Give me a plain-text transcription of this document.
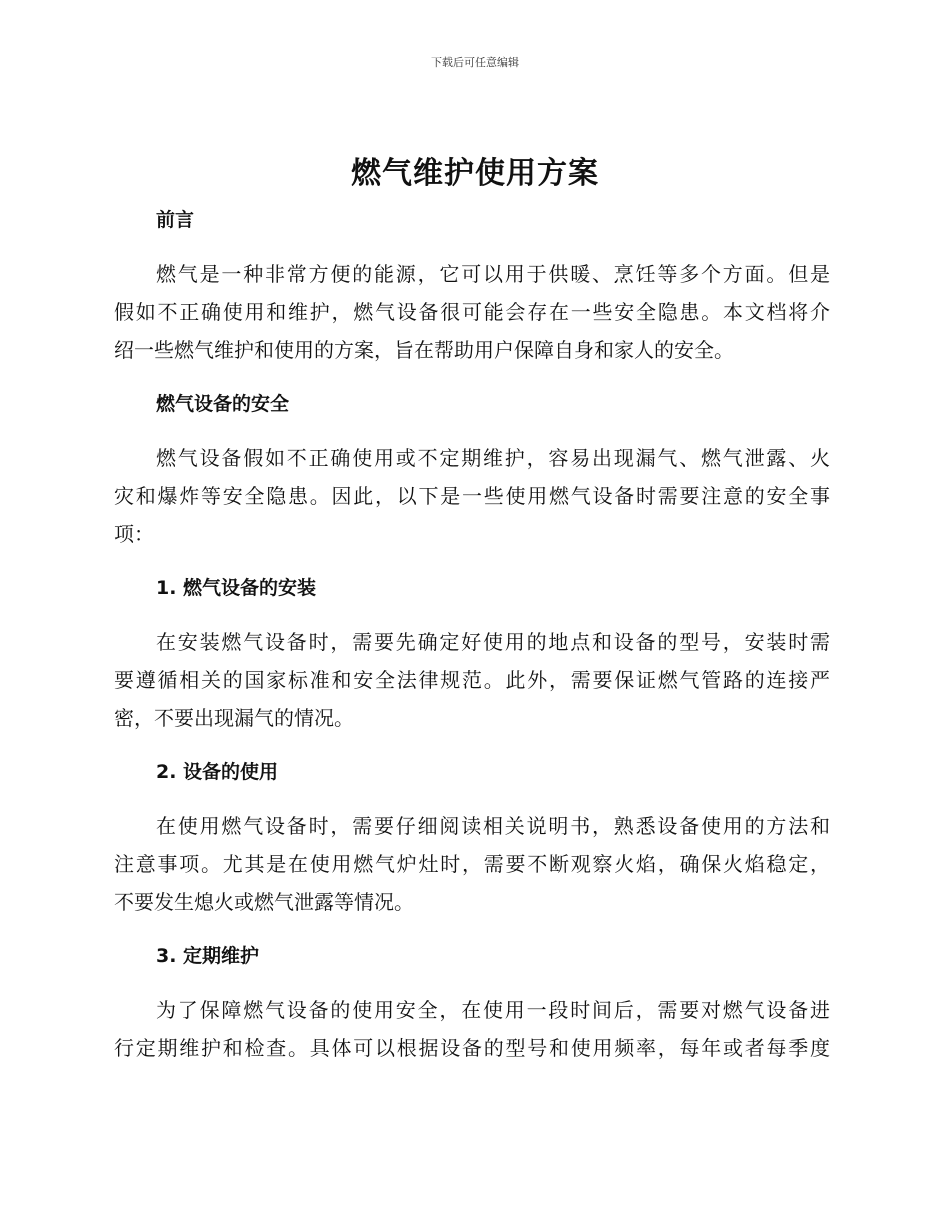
下载后可任意编辑
燃气维护使用方案
前言

燃气是一种非常方便的能源，它可以用于供暖、烹饪等多个方面。但是
假如不正确使用和维护，燃气设备很可能会存在一些安全隐患。本文档将介
绍一些燃气维护和使用的方案，旨在帮助用户保障自身和家人的安全。

燃气设备的安全

燃气设备假如不正确使用或不定期维护，容易出现漏气、燃气泄露、火
灾和爆炸等安全隐患。因此，以下是一些使用燃气设备时需要注意的安全事
项：

1. 燃气设备的安装

在安装燃气设备时，需要先确定好使用的地点和设备的型号，安装时需
要遵循相关的国家标准和安全法律规范。此外，需要保证燃气管路的连接严
密，不要出现漏气的情况。

2. 设备的使用

在使用燃气设备时，需要仔细阅读相关说明书，熟悉设备使用的方法和
注意事项。尤其是在使用燃气炉灶时，需要不断观察火焰，确保火焰稳定，
不要发生熄火或燃气泄露等情况。

3. 定期维护

为了保障燃气设备的使用安全，在使用一段时间后，需要对燃气设备进
行定期维护和检查。具体可以根据设备的型号和使用频率，每年或者每季度
